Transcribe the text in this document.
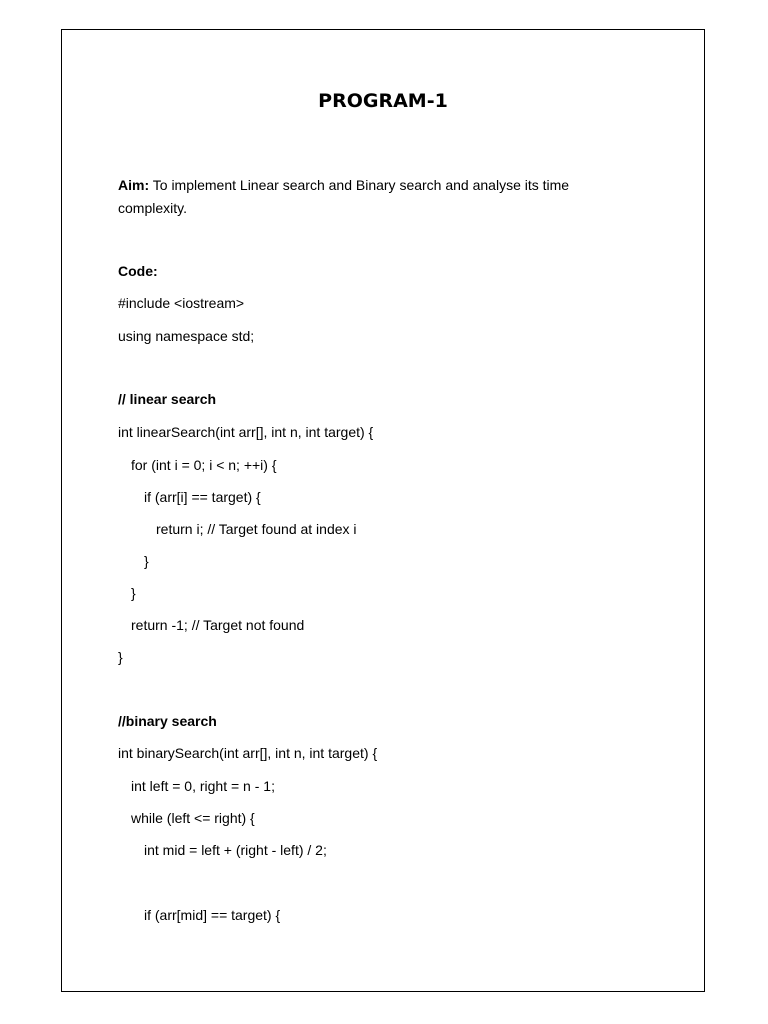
PROGRAM-1
Aim: To implement Linear search and Binary search and analyse its time complexity.
Code:
#include <iostream>
using namespace std;
// linear search
int linearSearch(int arr[], int n, int target) {
for (int i = 0; i < n; ++i) {
if (arr[i] == target) {
return i; // Target found at index i
}
}
return -1; // Target not found
}
//binary search
int binarySearch(int arr[], int n, int target) {
int left = 0, right = n - 1;
while (left <= right) {
int mid = left + (right - left) / 2;
if (arr[mid] == target) {
